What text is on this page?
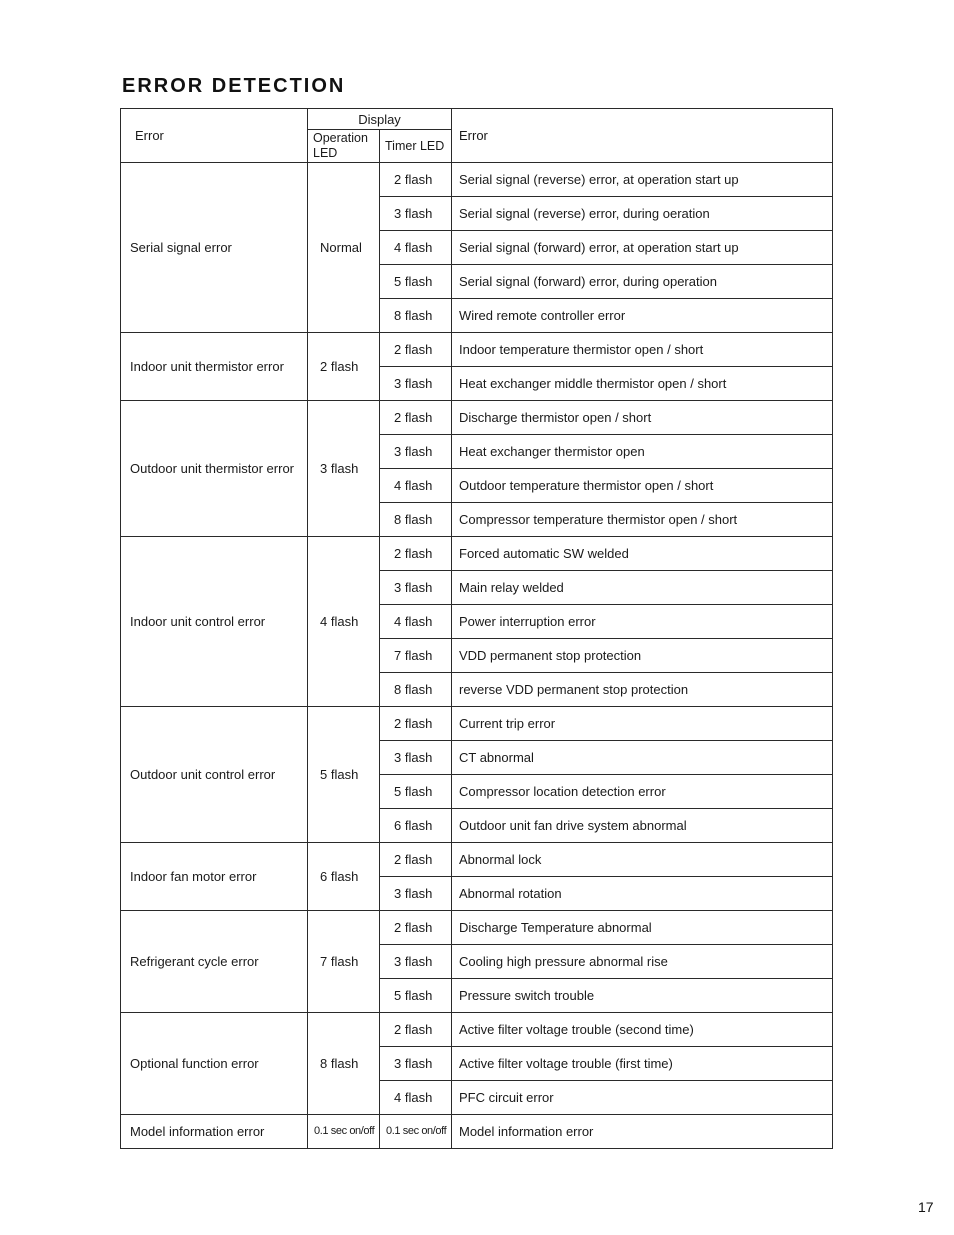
ERROR DETECTION
Error	Display		Error
	Operation LED	Timer LED	
Serial signal error	Normal	2 flash	Serial signal (reverse) error, at operation start up
		3 flash	Serial signal (reverse) error, during oeration
		4 flash	Serial signal (forward) error, at operation start up
		5 flash	Serial signal (forward) error, during operation
		8 flash	Wired remote controller error
Indoor unit thermistor error	2 flash	2 flash	Indoor temperature thermistor open / short
		3 flash	Heat exchanger middle thermistor open / short
Outdoor unit thermistor error	3 flash	2 flash	Discharge thermistor open / short
		3 flash	Heat exchanger thermistor open
		4 flash	Outdoor temperature thermistor open / short
		8 flash	Compressor temperature thermistor open / short
Indoor unit control error	4 flash	2 flash	Forced automatic SW welded
		3 flash	Main relay welded
		4 flash	Power interruption error
		7 flash	VDD permanent stop protection
		8 flash	reverse VDD permanent stop protection
Outdoor unit control error	5 flash	2 flash	Current trip error
		3 flash	CT abnormal
		5 flash	Compressor location detection error
		6 flash	Outdoor unit fan drive system abnormal
Indoor fan motor error	6 flash	2 flash	Abnormal lock
		3 flash	Abnormal rotation
Refrigerant cycle error	7 flash	2 flash	Discharge Temperature abnormal
		3 flash	Cooling high pressure abnormal rise
		5 flash	Pressure switch trouble
Optional function error	8 flash	2 flash	Active filter voltage trouble (second time)
		3 flash	Active filter voltage trouble (first time)
		4 flash	PFC circuit error
Model information error	0.1 sec on/off	0.1 sec on/off	Model information error
17
